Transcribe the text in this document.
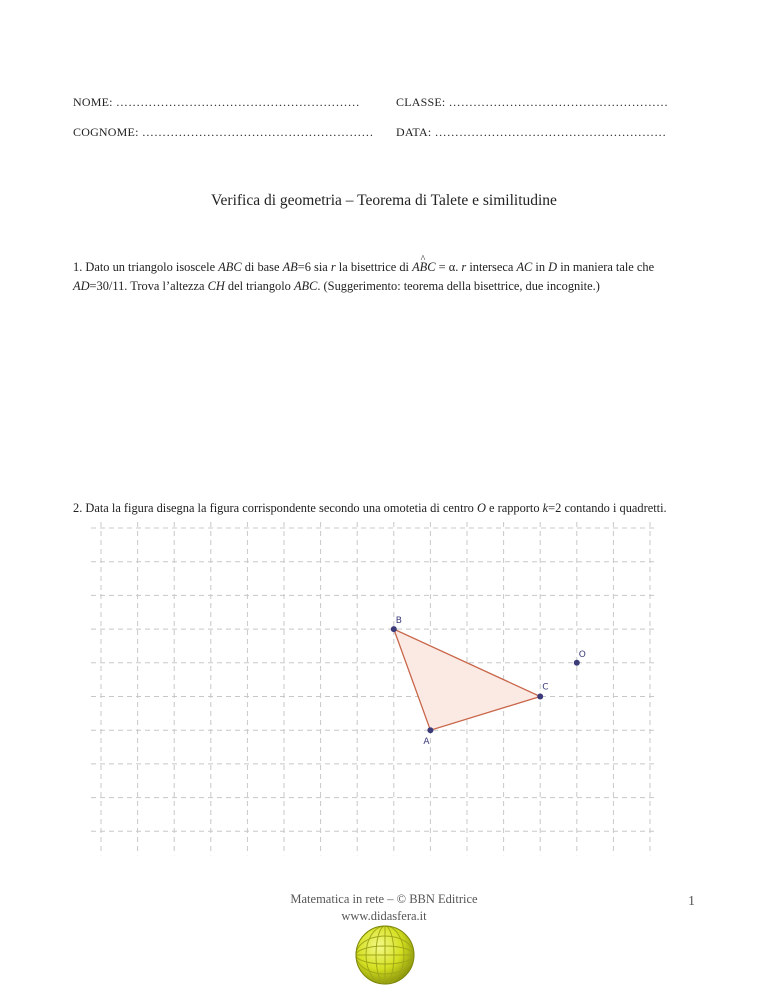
NOME: ……………………………………………………	CLASSE: ………………………………………………
COGNOME: ………………………………………………… DATA: …………………………………………………
Verifica di geometria – Teorema di Talete e similitudine
1. Dato un triangolo isoscele ABC di base AB=6 sia r la bisettrice di A^ BC = α. r interseca AC in D in maniera tale che AD=30/11. Trova l’altezza CH del triangolo ABC. (Suggerimento: teorema della bisettrice, due incognite.)
2. Data la figura disegna la figura corrispondente secondo una omotetia di centro O e rapporto k=2 contando i quadretti.
A
B
C
O
Matematica in rete – © BBN Editrice
www.didasfera.it
1
